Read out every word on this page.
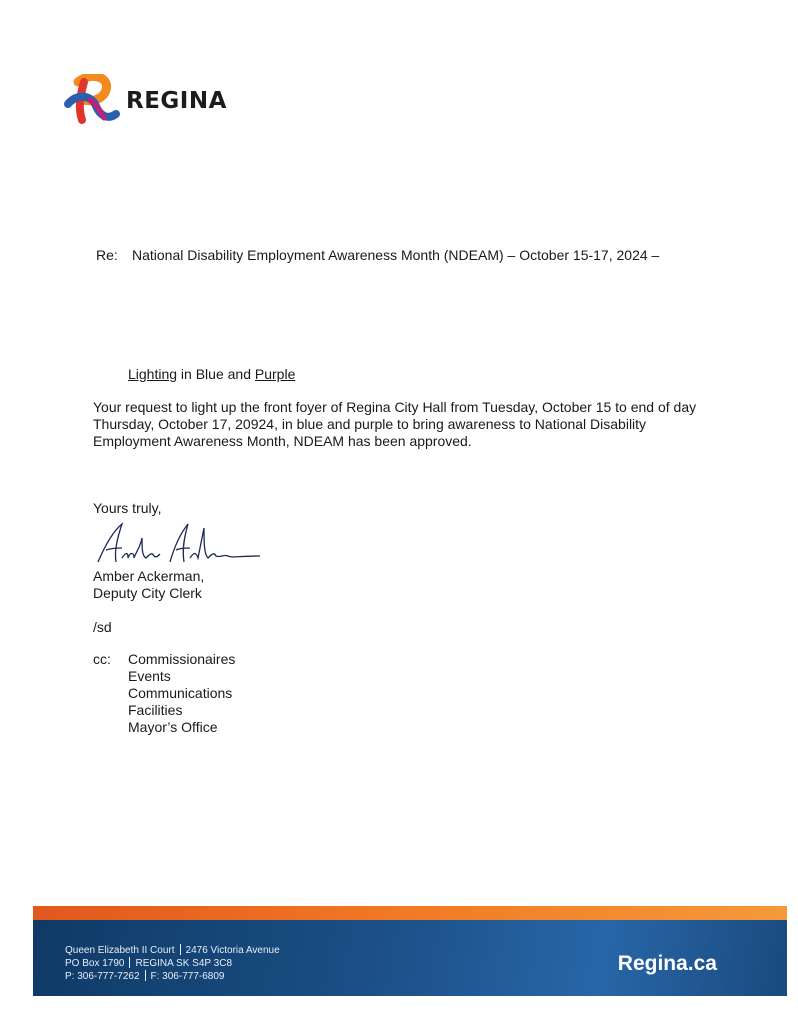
REGINA
Re: National Disability Employment Awareness Month (NDEAM) – October 15-17, 2024 –
Lighting in Blue and Purple

Your request to light up the front foyer of Regina City Hall from Tuesday, October 15 to end of day Thursday, October 17, 20924, in blue and purple to bring awareness to National Disability Employment Awareness Month, NDEAM has been approved.

Yours truly,
Amber Ackerman,
Deputy City Clerk
/sd
cc: Commissionaires
Events
Communications
Facilities
Mayor’s Office
Queen Elizabeth II Court 2476 Victoria Avenue
PO Box 1790 REGINA SK S4P 3C8
P: 306-777-7262 F: 306-777-6809
Regina.ca
